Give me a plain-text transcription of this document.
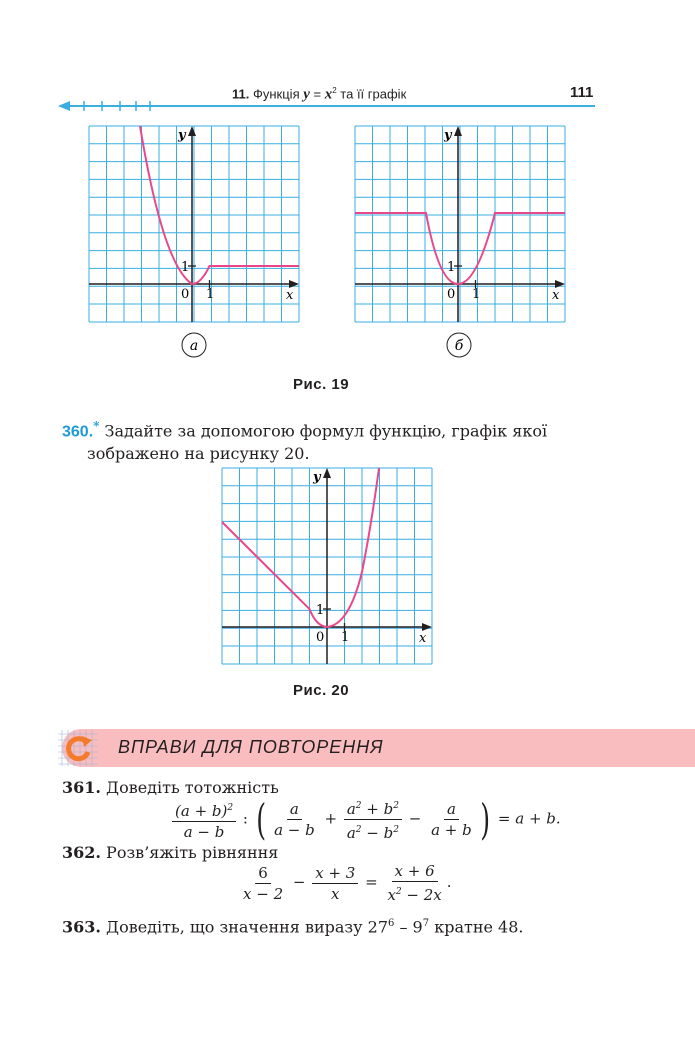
11. Функція $y = x^2$ та її графік	111
y
x
0 1
1
y
x
0 1
1
а	б
Рис. 19
360.* Задайте за допомогою формул функцію, графік якої
зображено на рисунку 20.
y
x
0 1
1
Рис. 20
ВПРАВИ ДЛЯ ПОВТОРЕННЯ
361. Доведіть тотожність
$\frac{(a + b)^2}{a - b}$ : ( $\frac{a}{a - b} + \frac{a^2 + b^2}{a^2 - b^2} - \frac{a}{a + b}$ ) = a + b.
362. Розв’яжіть рівняння
$\frac{6}{x - 2} - \frac{x + 3}{x} = \frac{x + 6}{x^2 - 2x}$ .
363. Доведіть, що значення виразу $27^6 - 9^7$ кратне 48.
